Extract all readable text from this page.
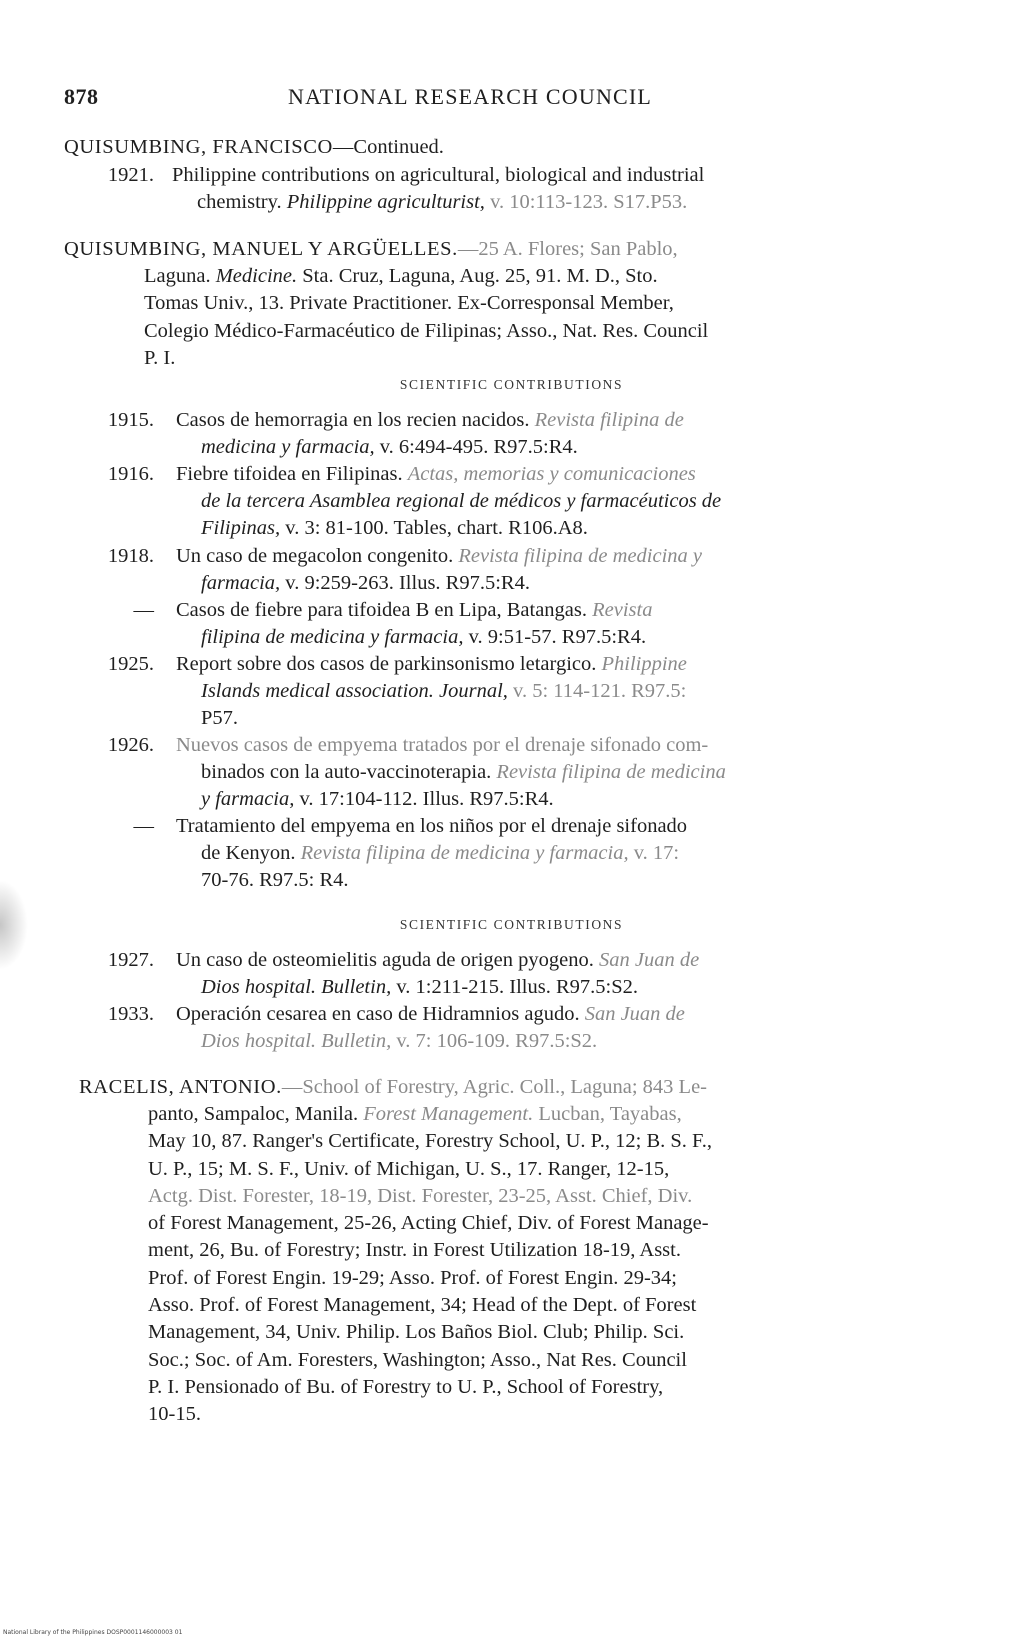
878	NATIONAL RESEARCH COUNCIL
QUISUMBING, FRANCISCO—Continued.
1921. Philippine contributions on agricultural, biological and industrial
chemistry. Philippine agriculturist, v. 10:113-123. S17.P53.
QUISUMBING, MANUEL Y ARGÜELLES.—25 A. Flores; San Pablo,
Laguna. Medicine. Sta. Cruz, Laguna, Aug. 25, 91. M. D., Sto.
Tomas Univ., 13. Private Practitioner. Ex-Corresponsal Member,
Colegio Médico-Farmacéutico de Filipinas; Asso., Nat. Res. Council
P. I.
SCIENTIFIC CONTRIBUTIONS
1915. Casos de hemorragia en los recien nacidos. Revista filipina de
medicina y farmacia, v. 6:494-495. R97.5:R4.
1916. Fiebre tifoidea en Filipinas. Actas, memorias y comunicaciones
de la tercera Asamblea regional de médicos y farmacéuticos de
Filipinas, v. 3: 81-100. Tables, chart. R106.A8.
1918. Un caso de megacolon congenito. Revista filipina de medicina y
farmacia, v. 9:259-263. Illus. R97.5:R4.
— Casos de fiebre para tifoidea B en Lipa, Batangas. Revista
filipina de medicina y farmacia, v. 9:51-57. R97.5:R4.
1925. Report sobre dos casos de parkinsonismo letargico. Philippine
Islands medical association. Journal, v. 5: 114-121. R97.5:
P57.
1926. Nuevos casos de empyema tratados por el drenaje sifonado com-
binados con la auto-vaccinoterapia. Revista filipina de medicina
y farmacia, v. 17:104-112. Illus. R97.5:R4.
— Tratamiento del empyema en los niños por el drenaje sifonado
de Kenyon. Revista filipina de medicina y farmacia, v. 17:
70-76. R97.5: R4.
SCIENTIFIC CONTRIBUTIONS
1927. Un caso de osteomielitis aguda de origen pyogeno. San Juan de
Dios hospital. Bulletin, v. 1:211-215. Illus. R97.5:S2.
1933. Operación cesarea en caso de Hidramnios agudo. San Juan de
Dios hospital. Bulletin, v. 7: 106-109. R97.5:S2.
RACELIS, ANTONIO.—School of Forestry, Agric. Coll., Laguna; 843 Le-
panto, Sampaloc, Manila. Forest Management. Lucban, Tayabas,
May 10, 87. Ranger's Certificate, Forestry School, U. P., 12; B. S. F.,
U. P., 15; M. S. F., Univ. of Michigan, U. S., 17. Ranger, 12-15,
Actg. Dist. Forester, 18-19, Dist. Forester, 23-25, Asst. Chief, Div.
of Forest Management, 25-26, Acting Chief, Div. of Forest Manage-
ment, 26, Bu. of Forestry; Instr. in Forest Utilization 18-19, Asst.
Prof. of Forest Engin. 19-29; Asso. Prof. of Forest Engin. 29-34;
Asso. Prof. of Forest Management, 34; Head of the Dept. of Forest
Management, 34, Univ. Philip. Los Baños Biol. Club; Philip. Sci.
Soc.; Soc. of Am. Foresters, Washington; Asso., Nat Res. Council
P. I. Pensionado of Bu. of Forestry to U. P., School of Forestry,
10-15.
National Library of the Philippines DOSP0001146000003 01
